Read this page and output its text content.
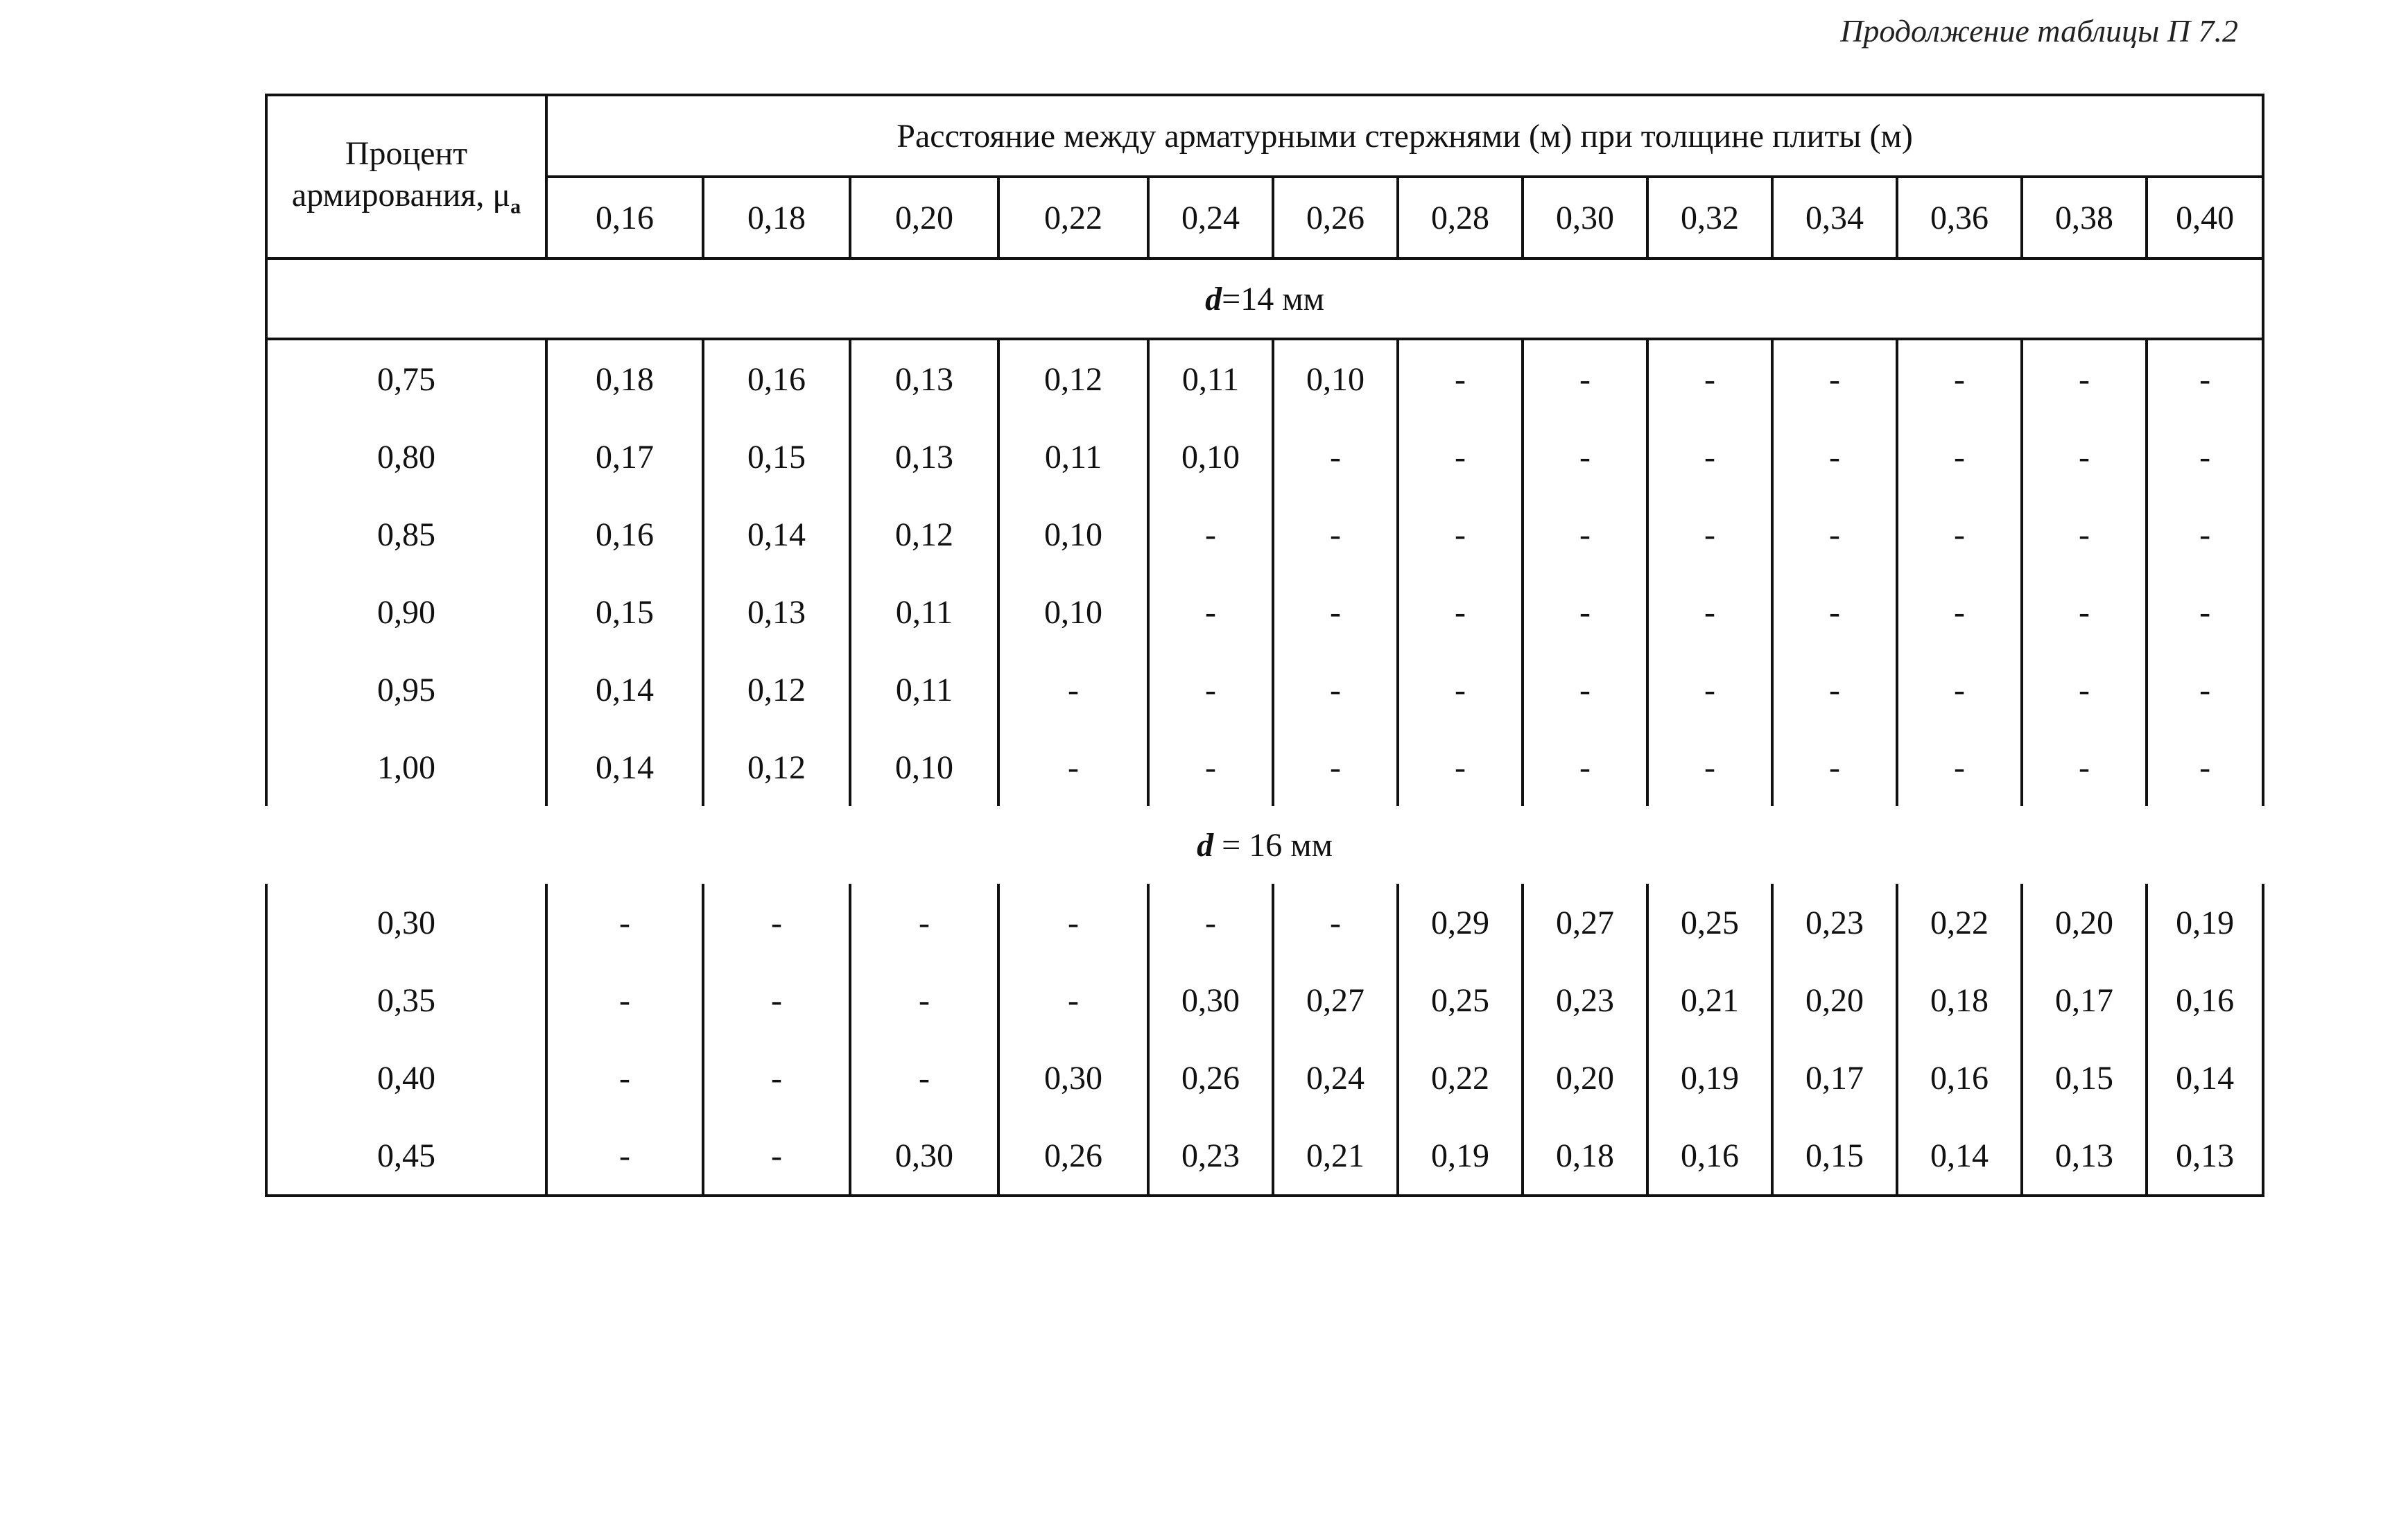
Продолжение таблицы П 7.2
Процент
армирования, $\mu_а$	Расстояние между арматурными стержнями (м) при толщине плиты (м)												
	0,16	0,18	0,20	0,22	0,24	0,26	0,28	0,30	0,32	0,34	0,36	0,38	0,40
d=14 мм													
0,75	0,18	0,16	0,13	0,12	0,11	0,10	-	-	-	-	-	-	-
0,80	0,17	0,15	0,13	0,11	0,10	-	-	-	-	-	-	-	-
0,85	0,16	0,14	0,12	0,10	-	-	-	-	-	-	-	-	-
0,90	0,15	0,13	0,11	0,10	-	-	-	-	-	-	-	-	-
0,95	0,14	0,12	0,11	-	-	-	-	-	-	-	-	-	-
1,00	0,14	0,12	0,10	-	-	-	-	-	-	-	-	-	-
d = 16 мм													
0,30	-	-	-	-	-	-	0,29	0,27	0,25	0,23	0,22	0,20	0,19
0,35	-	-	-	-	0,30	0,27	0,25	0,23	0,21	0,20	0,18	0,17	0,16
0,40	-	-	-	0,30	0,26	0,24	0,22	0,20	0,19	0,17	0,16	0,15	0,14
0,45	-	-	0,30	0,26	0,23	0,21	0,19	0,18	0,16	0,15	0,14	0,13	0,13
